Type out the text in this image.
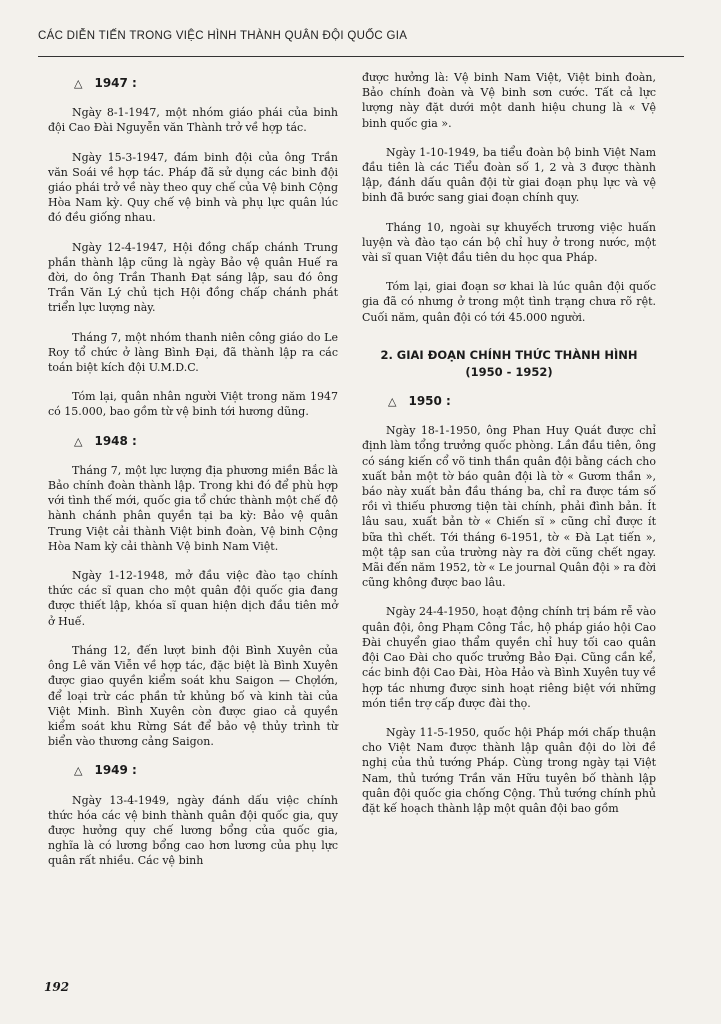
CÁC DIỄN TIẾN TRONG VIỆC HÌNH THÀNH QUÂN ĐỘI QUỐC GIA
△ 1947 :

Ngày 8-1-1947, một nhóm giáo phái của binh đội Cao Đài Nguyễn văn Thành trở về hợp tác.

Ngày 15-3-1947, đám binh đội của ông Trần văn Soái về hợp tác. Pháp đã sử dụng các binh đội giáo phái trở về này theo quy chế của Vệ binh Cộng Hòa Nam kỳ. Quy chế vệ binh và phụ lực quân lúc đó đều giống nhau.

Ngày 12-4-1947, Hội đồng chấp chánh Trung phần thành lập cũng là ngày Bảo vệ quân Huế ra đời, do ông Trần Thanh Đạt sáng lập, sau đó ông Trần Văn Lý chủ tịch Hội đồng chấp chánh phát triển lực lượng này.

Tháng 7, một nhóm thanh niên công giáo do Le Roy tổ chức ở làng Bình Đại, đã thành lập ra các toán biệt kích đội U.M.D.C.

Tóm lại, quân nhân người Việt trong năm 1947 có 15.000, bao gồm từ vệ binh tới hương dũng.

△ 1948 :

Tháng 7, một lực lượng địa phương miền Bắc là Bảo chính đoàn thành lập. Trong khi đó để phù hợp với tình thế mới, quốc gia tổ chức thành một chế độ hành chánh phân quyền tại ba kỳ: Bảo vệ quân Trung Việt cải thành Việt binh đoàn, Vệ binh Cộng Hòa Nam kỳ cải thành Vệ binh Nam Việt.

Ngày 1-12-1948, mở đầu việc đào tạo chính thức các sĩ quan cho một quân đội quốc gia đang được thiết lập, khóa sĩ quan hiện dịch đầu tiên mở ở Huế.

Tháng 12, đến lượt binh đội Bình Xuyên của ông Lê văn Viễn về hợp tác, đặc biệt là Bình Xuyên được giao quyền kiểm soát khu Saigon — Chợlớn, để loại trừ các phần tử khủng bố và kinh tài của Việt Minh. Bình Xuyên còn được giao cả quyền kiểm soát khu Rừng Sát để bảo vệ thủy trình từ biển vào thương cảng Saigon.

△ 1949 :

Ngày 13-4-1949, ngày đánh dấu việc chính thức hóa các vệ binh thành quân đội quốc gia, quy được hưởng quy chế lương bổng của quốc gia, nghĩa là có lương bổng cao hơn lương của phụ lực quân rất nhiều. Các vệ binh

được hưởng là: Vệ binh Nam Việt, Việt binh đoàn, Bảo chính đoàn và Vệ binh sơn cước. Tất cả lực lượng này đặt dưới một danh hiệu chung là « Vệ binh quốc gia ».

Ngày 1-10-1949, ba tiểu đoàn bộ binh Việt Nam đầu tiên là các Tiểu đoàn số 1, 2 và 3 được thành lập, đánh dấu quân đội từ giai đoạn phụ lực và vệ binh đã bước sang giai đoạn chính quy.

Tháng 10, ngoài sự khuyếch trương việc huấn luyện và đào tạo cán bộ chỉ huy ở trong nước, một vài sĩ quan Việt đầu tiên du học qua Pháp.

Tóm lại, giai đoạn sơ khai là lúc quân đội quốc gia đã có nhưng ở trong một tình trạng chưa rõ rệt. Cuối năm, quân đội có tới 45.000 người.

2. GIAI ĐOẠN CHÍNH THỨC THÀNH HÌNH
(1950 - 1952)
△ 1950 :

Ngày 18-1-1950, ông Phan Huy Quát được chỉ định làm tổng trưởng quốc phòng. Lần đầu tiên, ông có sáng kiến cổ võ tinh thần quân đội bằng cách cho xuất bản một tờ báo quân đội là tờ « Gươm thần », báo này xuất bản đầu tháng ba, chỉ ra được tám số rồi vì thiếu phương tiện tài chính, phải đình bản. Ít lâu sau, xuất bản tờ « Chiến sĩ » cũng chỉ được ít bữa thì chết. Tới tháng 6-1951, tờ « Đà Lạt tiến », một tập san của trường này ra đời cũng chết ngay. Mãi đến năm 1952, tờ « Le journal Quân đội » ra đời cũng không được bao lâu.

Ngày 24-4-1950, hoạt động chính trị bám rễ vào quân đội, ông Phạm Công Tắc, hộ pháp giáo hội Cao Đài chuyển giao thẩm quyền chỉ huy tối cao quân đội Cao Đài cho quốc trưởng Bảo Đại. Cũng cần kể, các binh đội Cao Đài, Hòa Hảo và Bình Xuyên tuy về hợp tác nhưng được sinh hoạt riêng biệt với những món tiền trợ cấp được đài thọ.

Ngày 11-5-1950, quốc hội Pháp mới chấp thuận cho Việt Nam được thành lập quân đội do lời đề nghị của thủ tướng Pháp. Cùng trong ngày tại Việt Nam, thủ tướng Trần văn Hữu tuyên bố thành lập quân đội quốc gia chống Cộng. Thủ tướng chính phủ đặt kế hoạch thành lập một quân đội bao gồm

192
